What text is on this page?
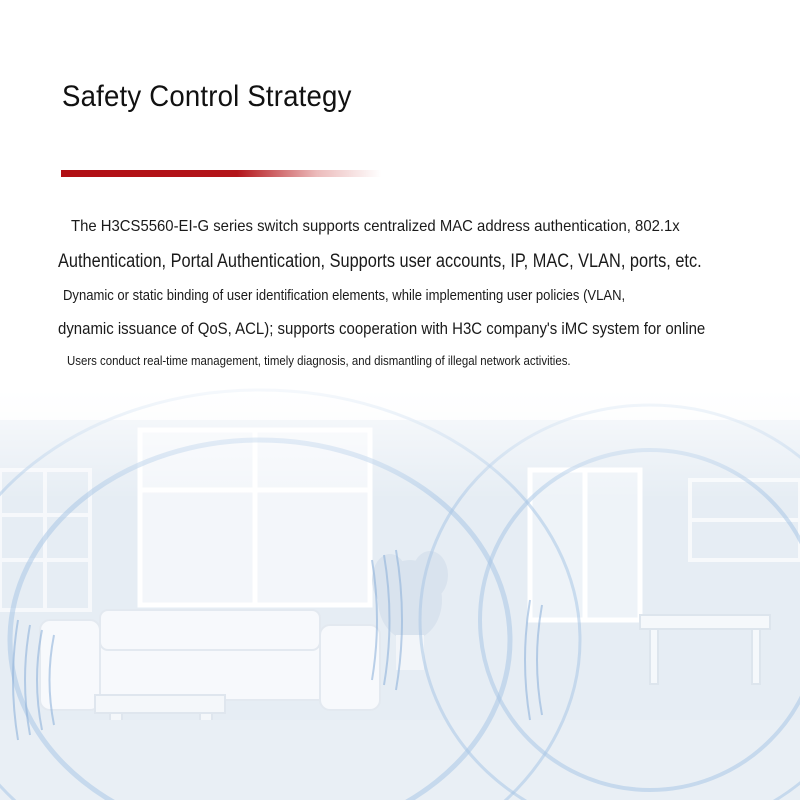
Safety Control Strategy
The H3CS5560-EI-G series switch supports centralized MAC address authentication, 802.1x
Authentication, Portal Authentication, Supports user accounts, IP, MAC, VLAN, ports, etc.
Dynamic or static binding of user identification elements, while implementing user policies (VLAN,
dynamic issuance of QoS, ACL); supports cooperation with H3C company's iMC system for online
Users conduct real-time management, timely diagnosis, and dismantling of illegal network activities.
